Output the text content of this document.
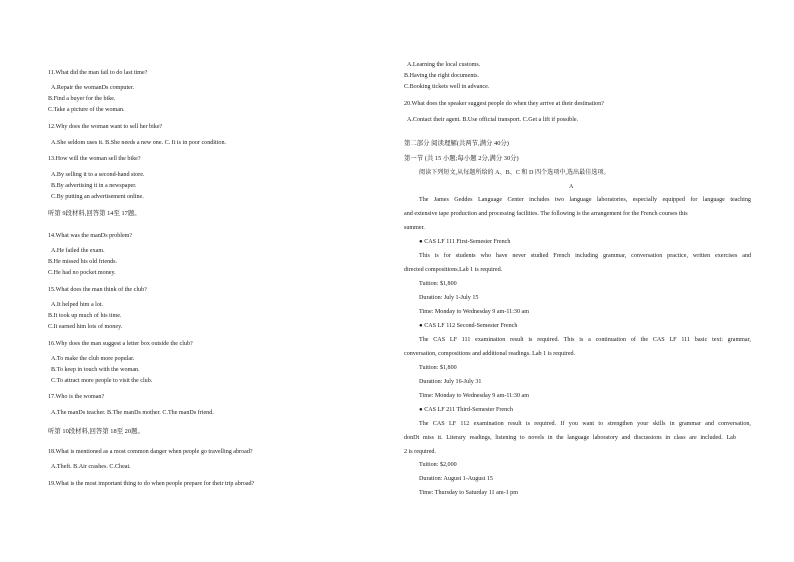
11.What did the man fail to do last time?
A.Repair the womanDs computer.
B.Find a buyer for the bike.
C.Take a picture of the woman.
12.Why does the woman want to sell her bike?
A.She seldom uses it. B.She needs a new one. C. It is in poor condition.
13.How will the woman sell the bike?
A.By selling it to a second-hand store.
B.By advertising it in a newspaper.
C.By putting an advertisement online.
听第 9段材料,回答第 14至 17题。
14.What was the manDs problem?
A.He failed the exam.
B.He missed his old friends.
C.He had no pocket money.
15.What does the man think of the club?
A.It helped him a lot.
B.It took up much of his time.
C.It earned him lots of money.
16.Why does the man suggest a letter box outside the club?
A.To make the club more popular.
B.To keep in touch with the woman.
C.To attract more people to visit the club.
17.Who is the woman?
A.The manDs teacher. B.The manDs mother. C.The manDs friend.
听第 10段材料,回答第 18至 20题。
18.What is mentioned as a most common danger when people go travelling abroad?
A.Theft. B.Air crashes. C.Cheat.
19.What is the most important thing to do when people prepare for their trip abroad?
A.Learning the local customs.
B.Having the right documents.
C.Booking tickets well in advance.
20.What does the speaker suggest people do when they arrive at their destination?
A.Contact their agent. B.Use official transport. C.Get a lift if possible.
第二部分 阅读理解(共两节,满分 40分)
第一节 (共 15 小题;每小题 2分,满分 30分)
阅读下列短文,从每题所给的 A、B、C 和 D 四个选项中,选出最佳选项。
A
The James Geddes Language Center includes two language laboratories, especially equipped for language teaching
and extensive tape production and processing facilities. The following is the arrangement for the French courses this
summer.
● CAS LF 111 First-Semester French
This is for students who have never studied French including grammar, conversation practice, written exercises and
directed compositions.Lab 1 is required.
Tuition: $1,800
Duration: July 1-July 15
Time: Monday to Wednesday 9 am-11:30 am
● CAS LF 112 Second-Semester French
The CAS LF 111 examination result is required. This is a continuation of the CAS LF 111 basic text: grammar,
conversation, compositions and additional readings. Lab 1 is required.
Tuition: $1,800
Duration: July 16-July 31
Time: Monday to Wednesday 9 am-11:30 am
● CAS LF 211 Third-Semester French
The CAS LF 112 examination result is required. If you want to strengthen your skills in grammar and conversation,
donDt miss it. Literary readings, listening to novels in the language laboratory and discussions in class are included. Lab
2 is required.
Tuition: $2,000
Duration: August 1-August 15
Time: Thursday to Saturday 11 am-1 pm
